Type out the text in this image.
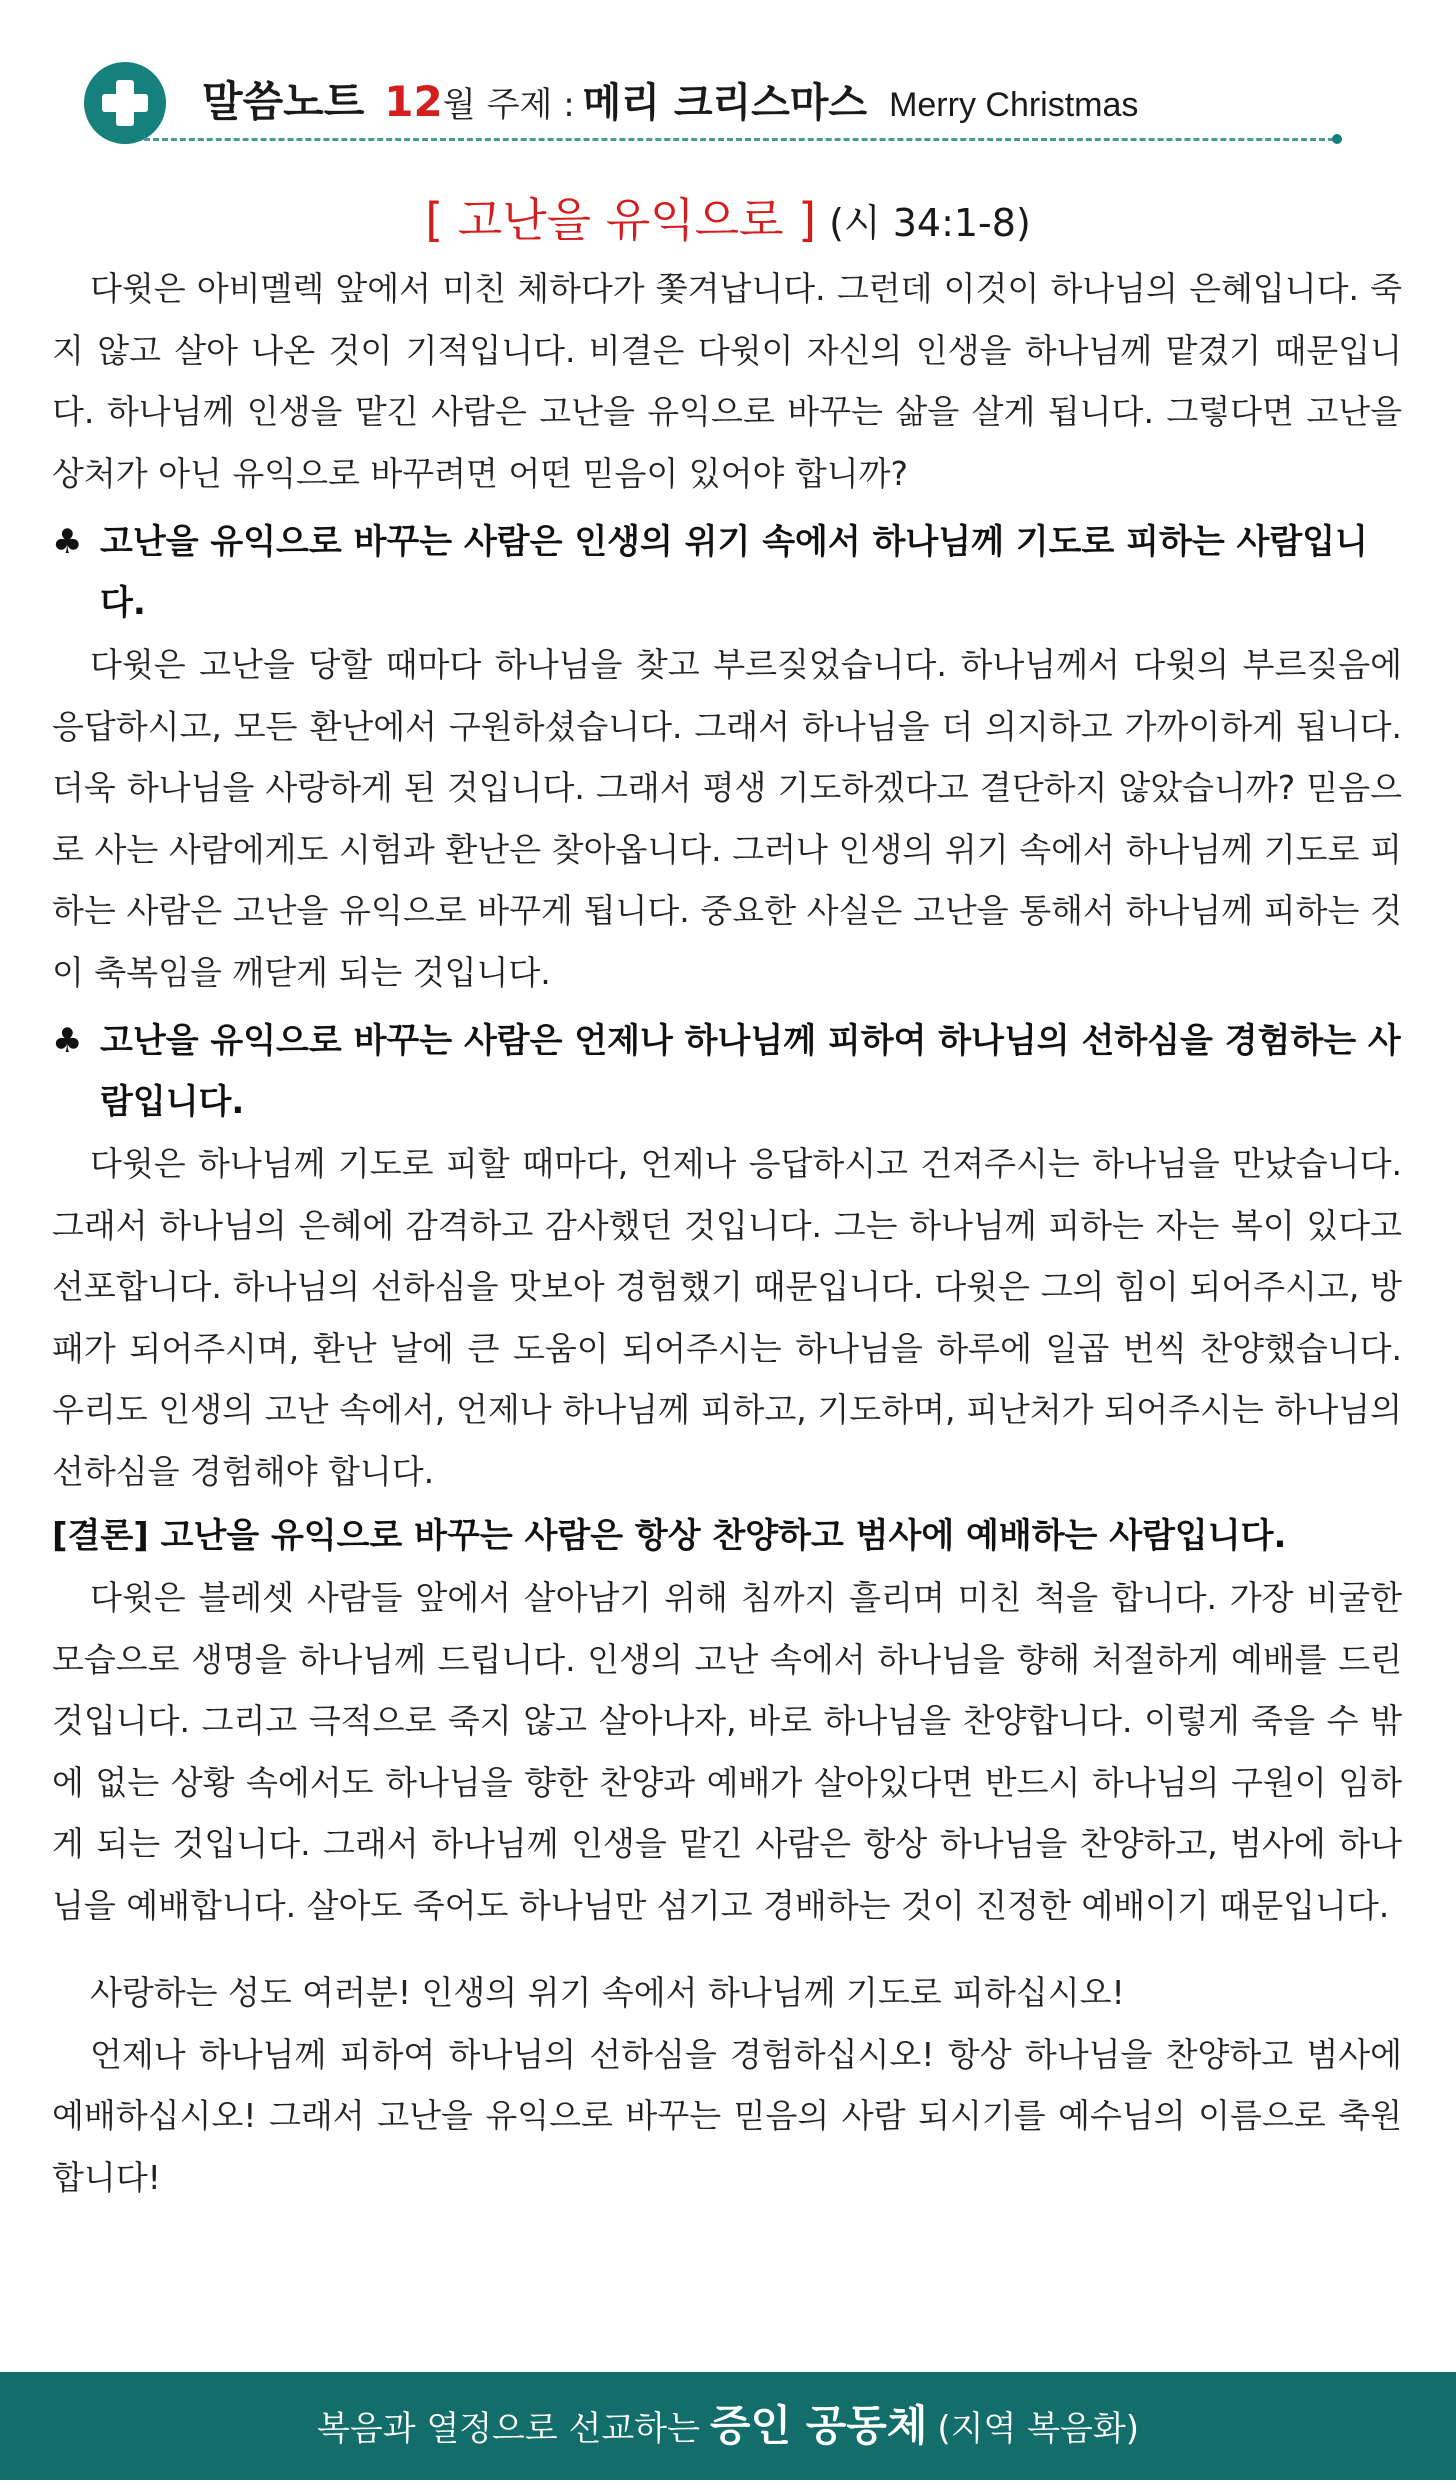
말씀노트 12월 주제 : 메리 크리스마스 Merry Christmas
[ 고난을 유익으로 ] (시 34:1-8)

다윗은 아비멜렉 앞에서 미친 체하다가 쫓겨납니다. 그런데 이것이 하나님의 은혜입니다. 죽지 않고 살아 나온 것이 기적입니다. 비결은 다윗이 자신의 인생을 하나님께 맡겼기 때문입니다. 하나님께 인생을 맡긴 사람은 고난을 유익으로 바꾸는 삶을 살게 됩니다. 그렇다면 고난을 상처가 아닌 유익으로 바꾸려면 어떤 믿음이 있어야 합니까?

♣ 고난을 유익으로 바꾸는 사람은 인생의 위기 속에서 하나님께 기도로 피하는 사람입니다.

다윗은 고난을 당할 때마다 하나님을 찾고 부르짖었습니다. 하나님께서 다윗의 부르짖음에 응답하시고, 모든 환난에서 구원하셨습니다. 그래서 하나님을 더 의지하고 가까이하게 됩니다. 더욱 하나님을 사랑하게 된 것입니다. 그래서 평생 기도하겠다고 결단하지 않았습니까? 믿음으로 사는 사람에게도 시험과 환난은 찾아옵니다. 그러나 인생의 위기 속에서 하나님께 기도로 피하는 사람은 고난을 유익으로 바꾸게 됩니다. 중요한 사실은 고난을 통해서 하나님께 피하는 것이 축복임을 깨닫게 되는 것입니다.

♣ 고난을 유익으로 바꾸는 사람은 언제나 하나님께 피하여 하나님의 선하심을 경험하는 사람입니다.

다윗은 하나님께 기도로 피할 때마다, 언제나 응답하시고 건져주시는 하나님을 만났습니다. 그래서 하나님의 은혜에 감격하고 감사했던 것입니다. 그는 하나님께 피하는 자는 복이 있다고 선포합니다. 하나님의 선하심을 맛보아 경험했기 때문입니다. 다윗은 그의 힘이 되어주시고, 방패가 되어주시며, 환난 날에 큰 도움이 되어주시는 하나님을 하루에 일곱 번씩 찬양했습니다. 우리도 인생의 고난 속에서, 언제나 하나님께 피하고, 기도하며, 피난처가 되어주시는 하나님의 선하심을 경험해야 합니다.

[결론] 고난을 유익으로 바꾸는 사람은 항상 찬양하고 범사에 예배하는 사람입니다.

다윗은 블레셋 사람들 앞에서 살아남기 위해 침까지 흘리며 미친 척을 합니다. 가장 비굴한 모습으로 생명을 하나님께 드립니다. 인생의 고난 속에서 하나님을 향해 처절하게 예배를 드린 것입니다. 그리고 극적으로 죽지 않고 살아나자, 바로 하나님을 찬양합니다. 이렇게 죽을 수 밖에 없는 상황 속에서도 하나님을 향한 찬양과 예배가 살아있다면 반드시 하나님의 구원이 임하게 되는 것입니다. 그래서 하나님께 인생을 맡긴 사람은 항상 하나님을 찬양하고, 범사에 하나님을 예배합니다. 살아도 죽어도 하나님만 섬기고 경배하는 것이 진정한 예배이기 때문입니다.

사랑하는 성도 여러분! 인생의 위기 속에서 하나님께 기도로 피하십시오!

언제나 하나님께 피하여 하나님의 선하심을 경험하십시오! 항상 하나님을 찬양하고 범사에 예배하십시오! 그래서 고난을 유익으로 바꾸는 믿음의 사람 되시기를 예수님의 이름으로 축원합니다!

복음과 열정으로 선교하는 증인 공동체 (지역 복음화)
